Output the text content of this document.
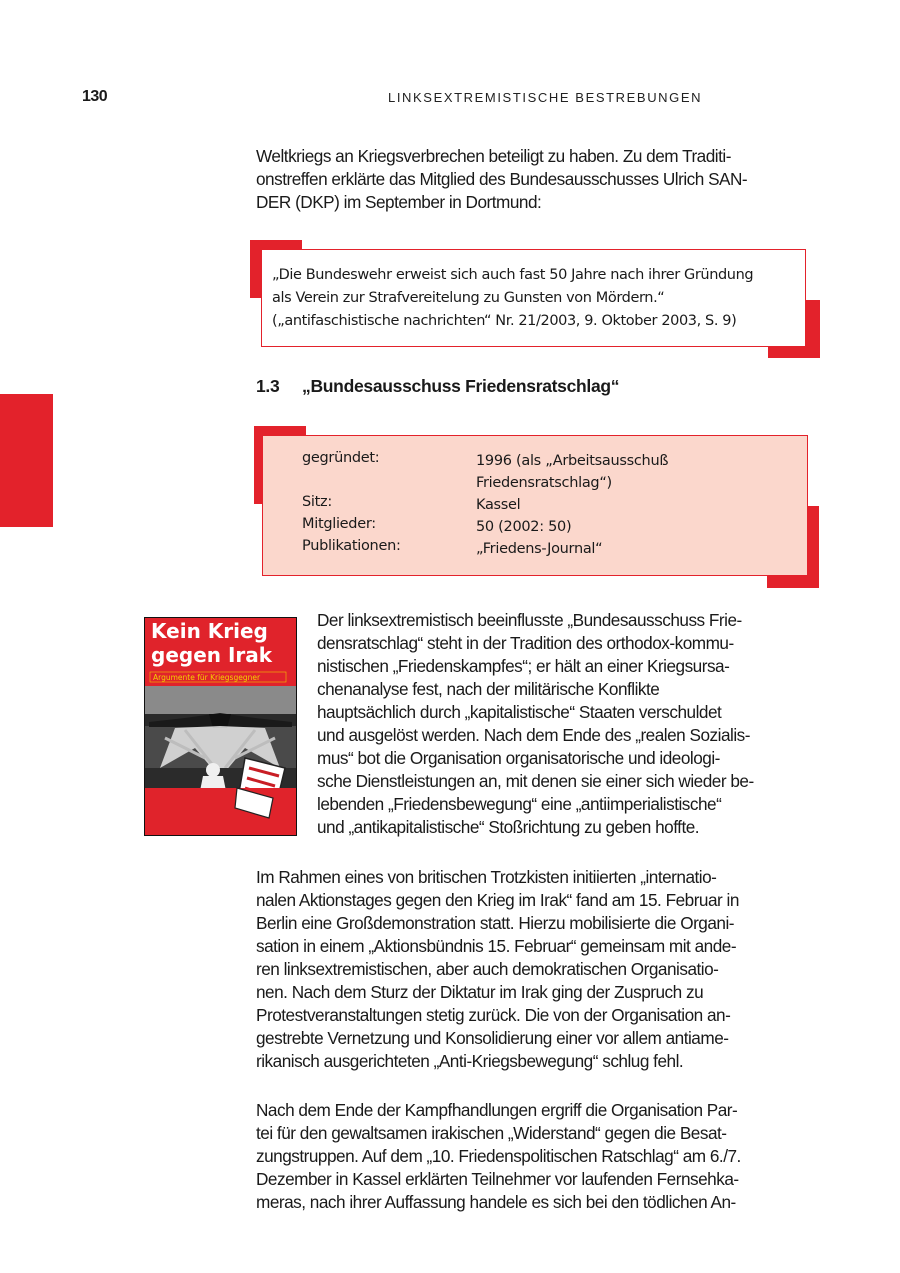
130	LINKSEXTREMISTISCHE BESTREBUNGEN

Weltkriegs an Kriegsverbrechen beteiligt zu haben. Zu dem Traditi-
onstreffen erklärte das Mitglied des Bundesausschusses Ulrich SAN-
DER (DKP) im September in Dortmund:

„Die Bundeswehr erweist sich auch fast 50 Jahre nach ihrer Gründung
als Verein zur Strafvereitelung zu Gunsten von Mördern.“
(„antifaschistische nachrichten“ Nr. 21/2003, 9. Oktober 2003, S. 9)
1.3 „Bundesausschuss Friedensratschlag“
gegründet:	1996 (als „Arbeitsausschuß
Friedensratschlag“)
Sitz:	Kassel
Mitglieder:	50 (2002: 50)
Publikationen:	„Friedens-Journal“
Kein Krieg
gegen Irak
Argumente für Kriegsgegner

Der linksextremistisch beeinflusste „Bundesausschuss Frie-
densratschlag“ steht in der Tradition des orthodox-kommu-
nistischen „Friedenskampfes“; er hält an einer Kriegsursa-
chenanalyse fest, nach der militärische Konflikte
hauptsächlich durch „kapitalistische“ Staaten verschuldet
und ausgelöst werden. Nach dem Ende des „realen Sozialis-
mus“ bot die Organisation organisatorische und ideologi-
sche Dienstleistungen an, mit denen sie einer sich wieder be-
lebenden „Friedensbewegung“ eine „antiimperialistische“
und „antikapitalistische“ Stoßrichtung zu geben hoffte.

Im Rahmen eines von britischen Trotzkisten initiierten „internatio-
nalen Aktionstages gegen den Krieg im Irak“ fand am 15. Februar in
Berlin eine Großdemonstration statt. Hierzu mobilisierte die Organi-
sation in einem „Aktionsbündnis 15. Februar“ gemeinsam mit ande-
ren linksextremistischen, aber auch demokratischen Organisatio-
nen. Nach dem Sturz der Diktatur im Irak ging der Zuspruch zu
Protestveranstaltungen stetig zurück. Die von der Organisation an-
gestrebte Vernetzung und Konsolidierung einer vor allem antiame-
rikanisch ausgerichteten „Anti-Kriegsbewegung“ schlug fehl.

Nach dem Ende der Kampfhandlungen ergriff die Organisation Par-
tei für den gewaltsamen irakischen „Widerstand“ gegen die Besat-
zungstruppen. Auf dem „10. Friedenspolitischen Ratschlag“ am 6./7.
Dezember in Kassel erklärten Teilnehmer vor laufenden Fernsehka-
meras, nach ihrer Auffassung handele es sich bei den tödlichen An-
